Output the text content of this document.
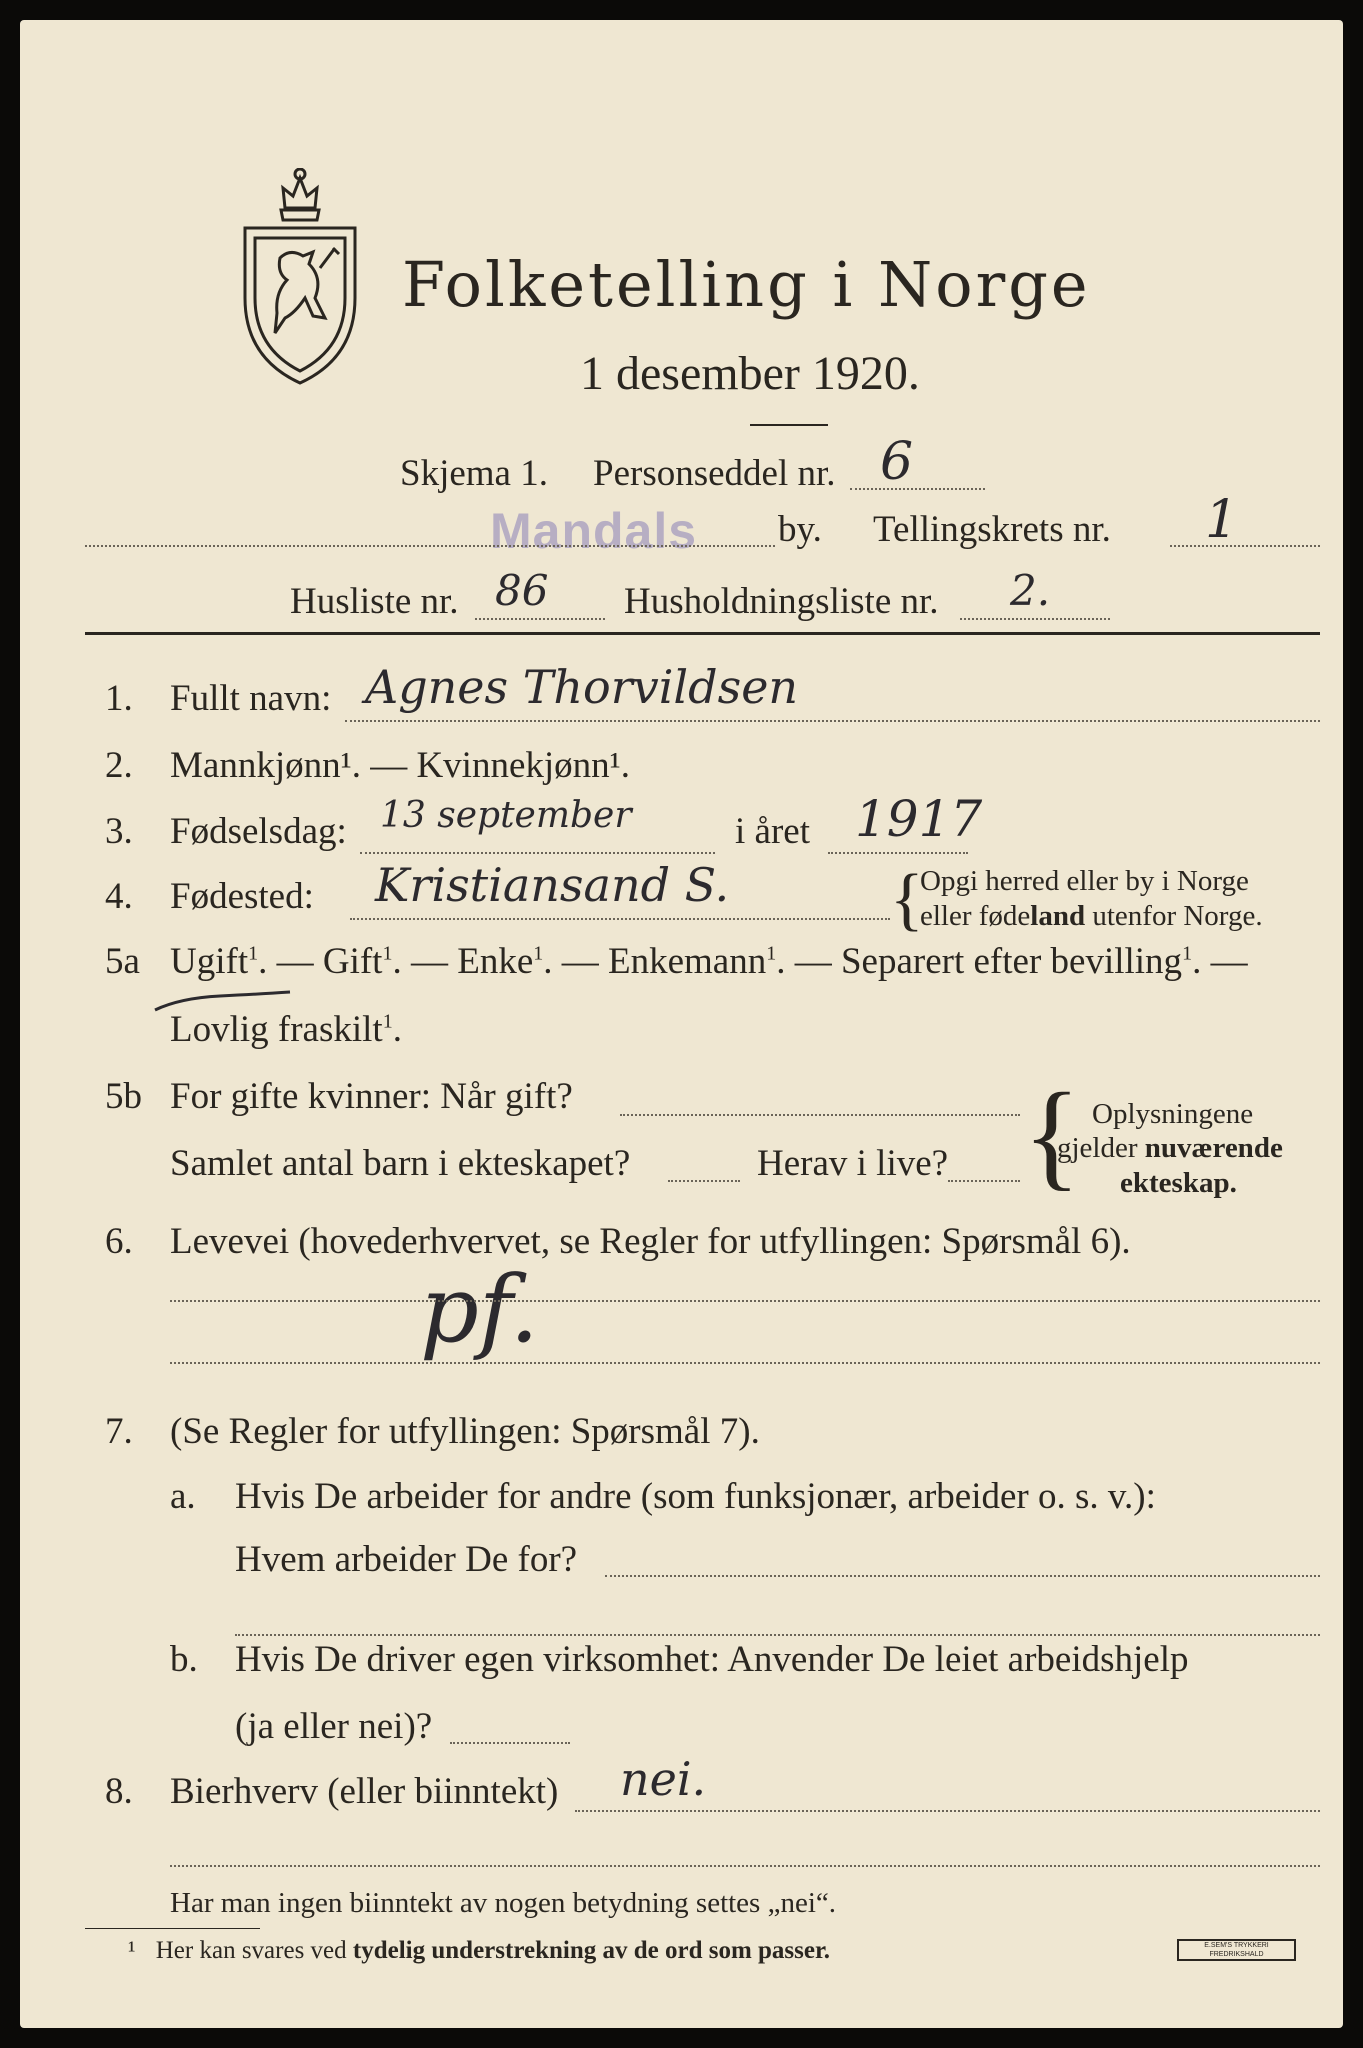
Folketelling i Norge
1 desember 1920.
Skjema 1. Personseddel nr. 6
Mandals by. Tellingskrets nr. 1
Husliste nr. 86 Husholdningsliste nr. 2.
1. Fullt navn: Agnes Thorvildsen
2. Mannkjønn¹. — Kvinnekjønn¹.
3. Fødselsdag: 13 september	i året 1917
4. Fødested: Kristiansand S. {
Opgi herred eller by i Norge
eller fødeland utenfor Norge.
5a Ugift$^1$. — Gift$^1$. — Enke$^1$. — Enkemann$^1$. — Separert efter bevilling$^1$. —
Lovlig fraskilt$^1$.
5b For gifte kvinner: Når gift?
Samlet antal barn i ekteskapet?	Herav i live? { Oplysningene
gjelder nuværende
ekteskap.
6. Levevei (hovederhvervet, se Regler for utfyllingen: Spørsmål 6).
pf.
7. (Se Regler for utfyllingen: Spørsmål 7).
a. Hvis De arbeider for andre (som funksjonær, arbeider o. s. v.):
Hvem arbeider De for?
b. Hvis De driver egen virksomhet: Anvender De leiet arbeidshjelp
(ja eller nei)?
8. Bierhverv (eller biinntekt) nei.
Har man ingen biinntekt av nogen betydning settes „nei“.
¹ Her kan svares ved tydelig understrekning av de ord som passer.	E.SEM'S TRYKKERI FREDRIKSHALD
